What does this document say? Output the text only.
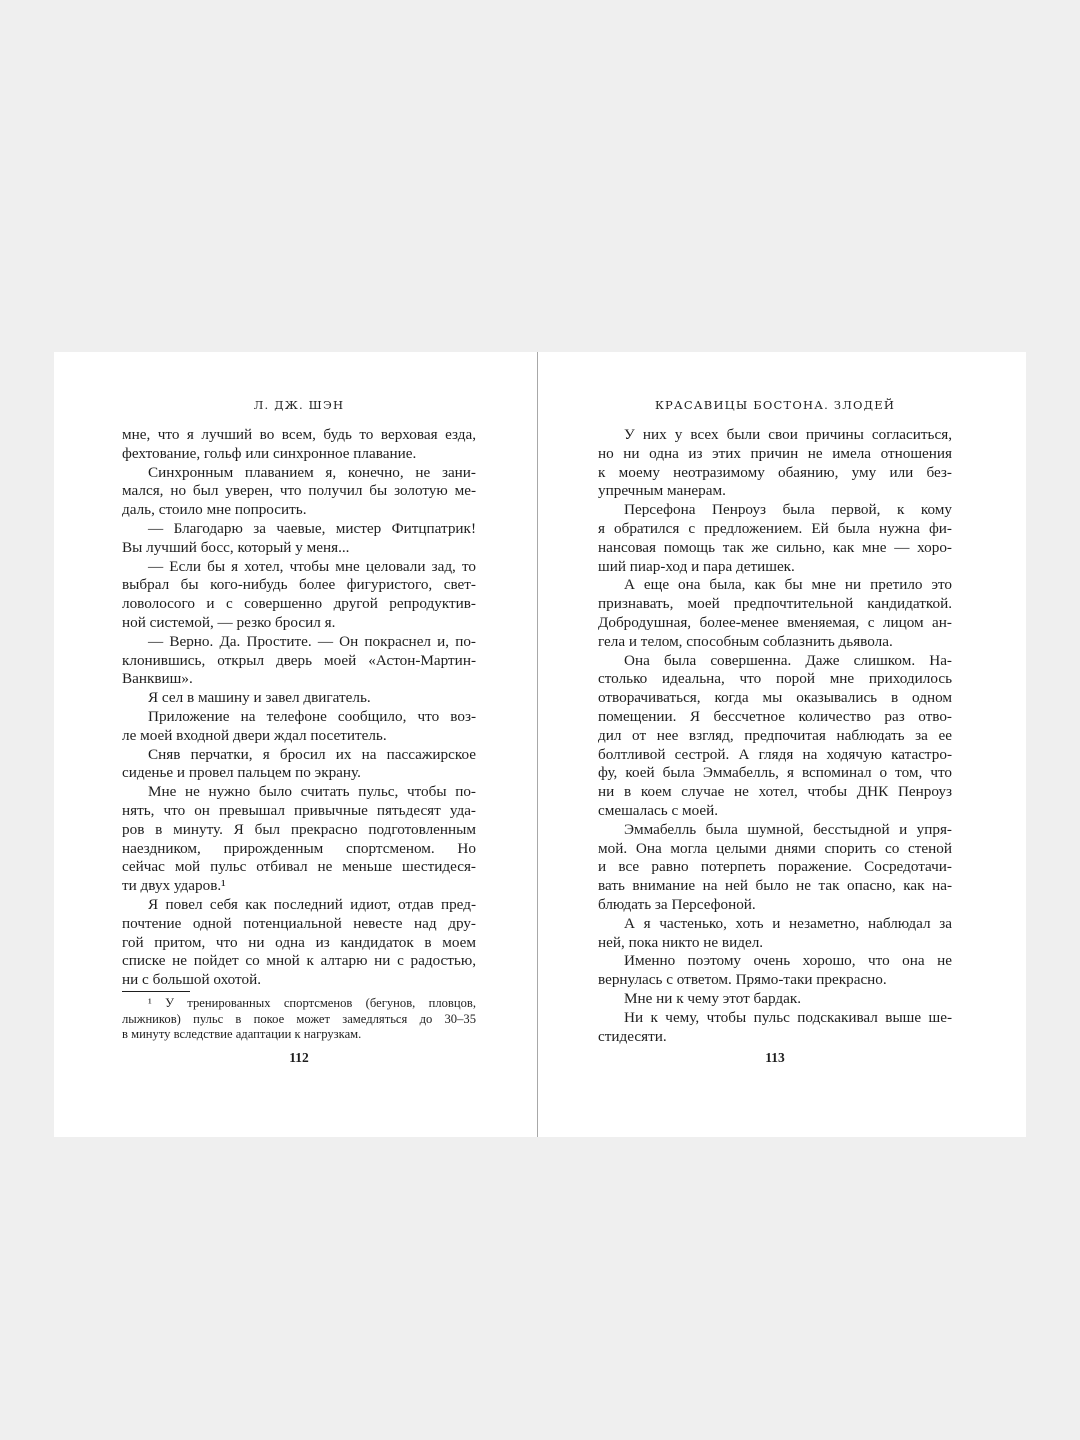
Л. ДЖ. ШЭН
мне, что я лучший во всем, будь то верховая езда,
фехтование, гольф или синхронное плавание.
Синхронным плаванием я, конечно, не зани-
мался, но был уверен, что получил бы золотую ме-
даль, стоило мне попросить.
— Благодарю за чаевые, мистер Фитцпатрик!
Вы лучший босс, который у меня...
— Если бы я хотел, чтобы мне целовали зад, то
выбрал бы кого-нибудь более фигуристого, свет-
ловолосого и с совершенно другой репродуктив-
ной системой, — резко бросил я.
— Верно. Да. Простите. — Он покраснел и, по-
клонившись, открыл дверь моей «Астон-Мартин-
Ванквиш».
Я сел в машину и завел двигатель.
Приложение на телефоне сообщило, что воз-
ле моей входной двери ждал посетитель.
Сняв перчатки, я бросил их на пассажирское
сиденье и провел пальцем по экрану.
Мне не нужно было считать пульс, чтобы по-
нять, что он превышал привычные пятьдесят уда-
ров в минуту. Я был прекрасно подготовленным
наездником, прирожденным спортсменом. Но
сейчас мой пульс отбивал не меньше шестидеся-
ти двух ударов.¹
Я повел себя как последний идиот, отдав пред-
почтение одной потенциальной невесте над дру-
гой притом, что ни одна из кандидаток в моем
списке не пойдет со мной к алтарю ни с радостью,
ни с большой охотой.
¹ У тренированных спортсменов (бегунов, пловцов,
лыжников) пульс в покое может замедляться до 30–35
в минуту вследствие адаптации к нагрузкам.
112
КРАСАВИЦЫ БОСТОНА. ЗЛОДЕЙ
У них у всех были свои причины согласиться,
но ни одна из этих причин не имела отношения
к моему неотразимому обаянию, уму или без-
упречным манерам.
Персефона Пенроуз была первой, к кому
я обратился с предложением. Ей была нужна фи-
нансовая помощь так же сильно, как мне — хоро-
ший пиар-ход и пара детишек.
А еще она была, как бы мне ни претило это
признавать, моей предпочтительной кандидаткой.
Добродушная, более-менее вменяемая, с лицом ан-
гела и телом, способным соблазнить дьявола.
Она была совершенна. Даже слишком. На-
столько идеальна, что порой мне приходилось
отворачиваться, когда мы оказывались в одном
помещении. Я бессчетное количество раз отво-
дил от нее взгляд, предпочитая наблюдать за ее
болтливой сестрой. А глядя на ходячую катастро-
фу, коей была Эммабелль, я вспоминал о том, что
ни в коем случае не хотел, чтобы ДНК Пенроуз
смешалась с моей.
Эммабелль была шумной, бесстыдной и упря-
мой. Она могла целыми днями спорить со стеной
и все равно потерпеть поражение. Сосредотачи-
вать внимание на ней было не так опасно, как на-
блюдать за Персефоной.
А я частенько, хоть и незаметно, наблюдал за
ней, пока никто не видел.
Именно поэтому очень хорошо, что она не
вернулась с ответом. Прямо-таки прекрасно.
Мне ни к чему этот бардак.
Ни к чему, чтобы пульс подскакивал выше ше-
стидесяти.
113
